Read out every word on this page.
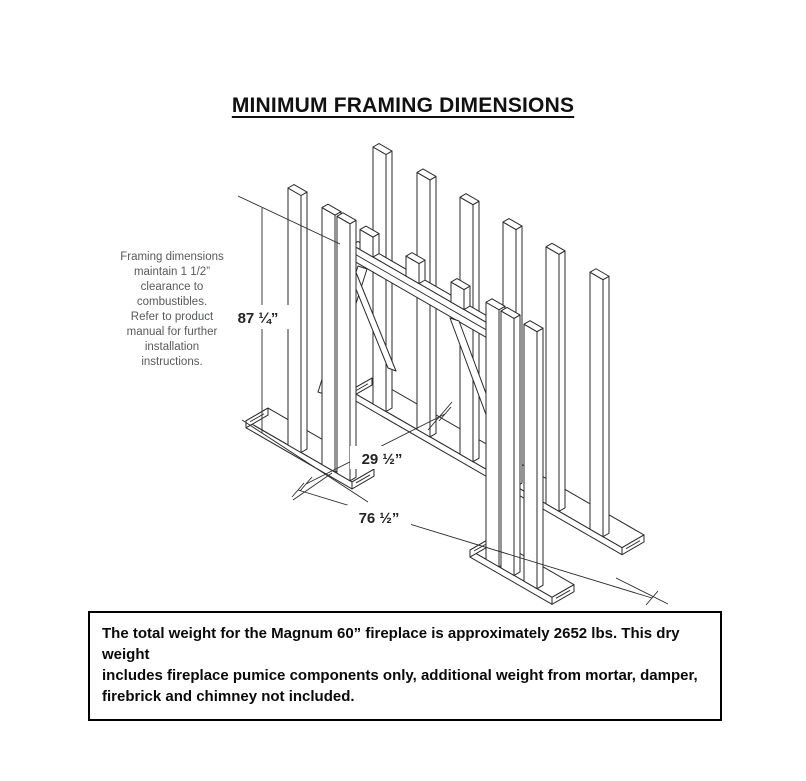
MINIMUM FRAMING DIMENSIONS
Framing dimensions
maintain 1 1/2”
clearance to
combustibles.
Refer to product
manual for further
installation
instructions.
87 ¼”
29 ½”
76 ½”
The total weight for the Magnum 60” fireplace is approximately 2652 lbs. This dry weight
includes fireplace pumice components only, additional weight from mortar, damper,
firebrick and chimney not included.
